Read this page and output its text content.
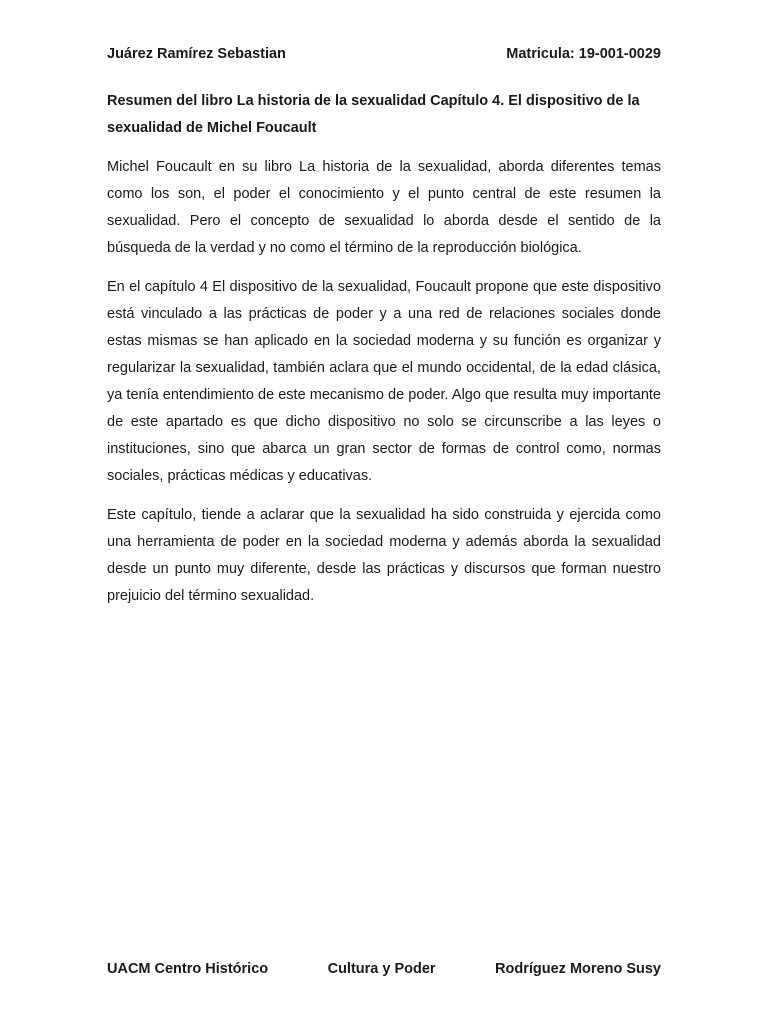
Juárez Ramírez Sebastian	Matricula: 19-001-0029
Resumen del libro La historia de la sexualidad Capítulo 4. El dispositivo de la sexualidad de Michel Foucault

Michel Foucault en su libro La historia de la sexualidad, aborda diferentes temas como los son, el poder el conocimiento y el punto central de este resumen la sexualidad. Pero el concepto de sexualidad lo aborda desde el sentido de la búsqueda de la verdad y no como el término de la reproducción biológica.

En el capítulo 4 El dispositivo de la sexualidad, Foucault propone que este dispositivo está vinculado a las prácticas de poder y a una red de relaciones sociales donde estas mismas se han aplicado en la sociedad moderna y su función es organizar y regularizar la sexualidad, también aclara que el mundo occidental, de la edad clásica, ya tenía entendimiento de este mecanismo de poder. Algo que resulta muy importante de este apartado es que dicho dispositivo no solo se circunscribe a las leyes o instituciones, sino que abarca un gran sector de formas de control como, normas sociales, prácticas médicas y educativas.

Este capítulo, tiende a aclarar que la sexualidad ha sido construida y ejercida como una herramienta de poder en la sociedad moderna y además aborda la sexualidad desde un punto muy diferente, desde las prácticas y discursos que forman nuestro prejuicio del término sexualidad.

UACM Centro Histórico	Cultura y Poder	Rodríguez Moreno Susy
